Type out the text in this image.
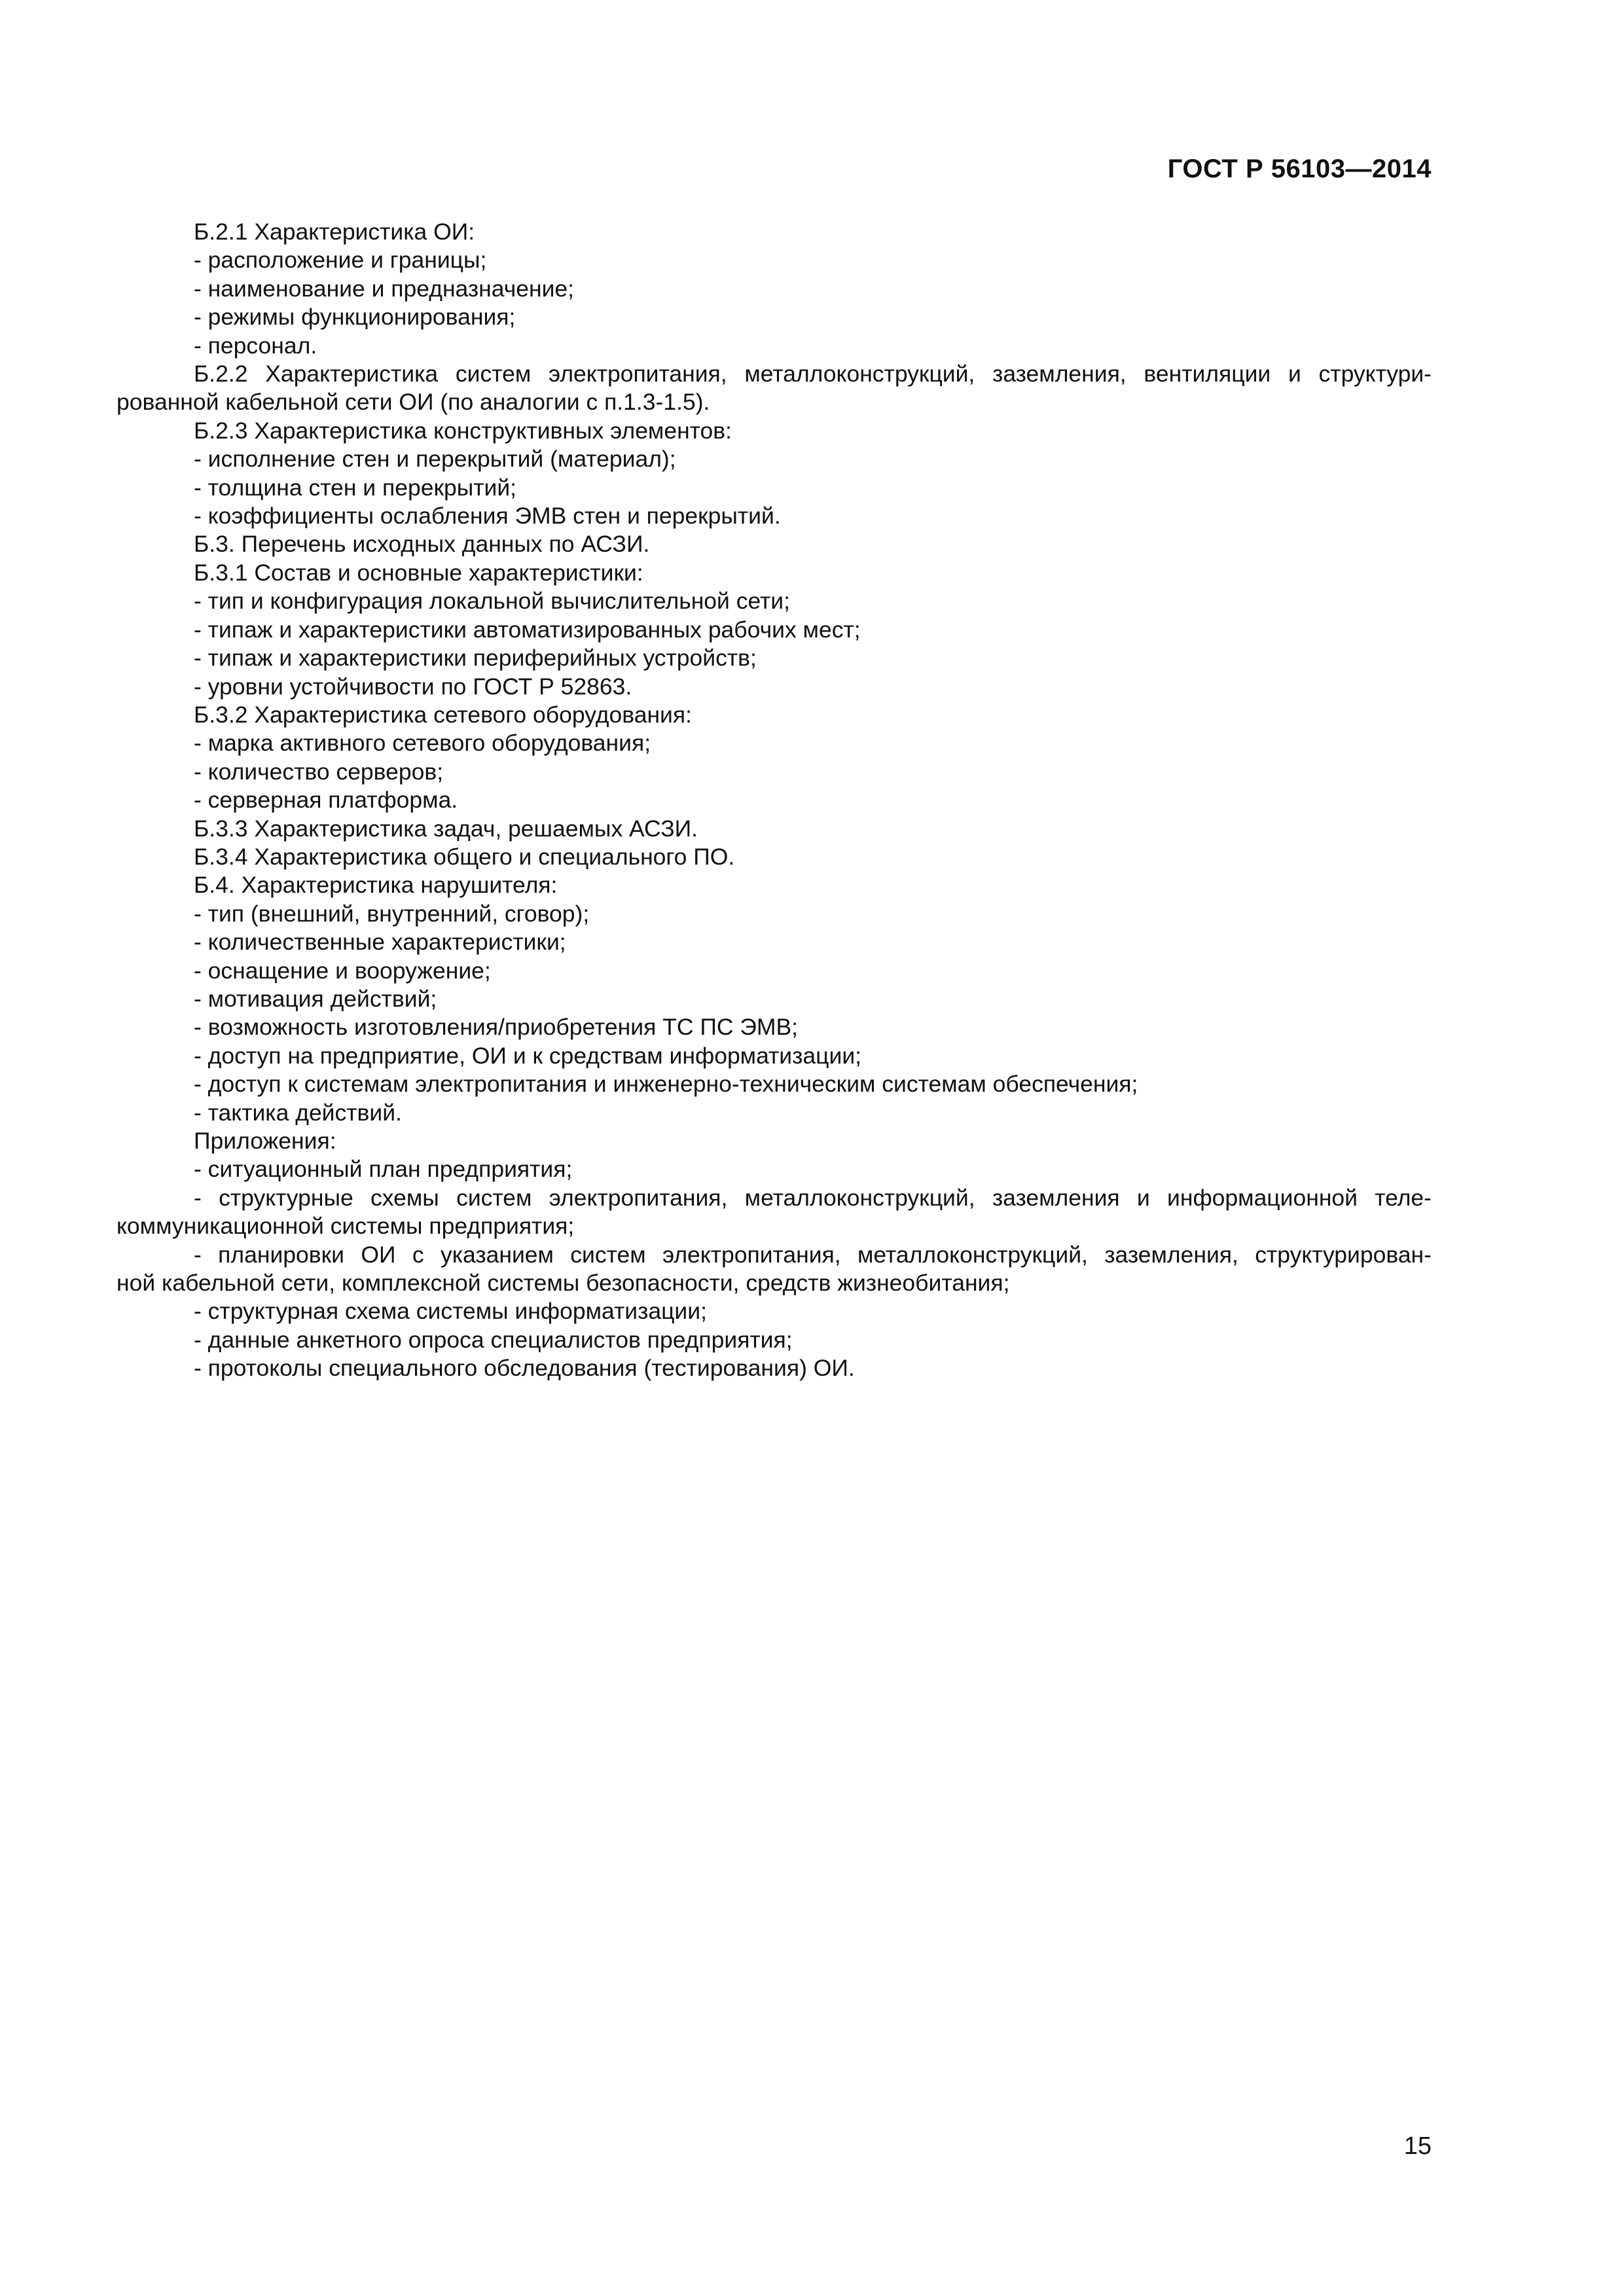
ГОСТ Р 56103—2014
Б.2.1 Характеристика ОИ:
- расположение и границы;
- наименование и предназначение;
- режимы функционирования;
- персонал.
Б.2.2 Характеристика систем электропитания, металлоконструкций, заземления, вентиляции и структури-
рованной кабельной сети ОИ (по аналогии с п.1.3-1.5).
Б.2.3 Характеристика конструктивных элементов:
- исполнение стен и перекрытий (материал);
- толщина стен и перекрытий;
- коэффициенты ослабления ЭМВ стен и перекрытий.
Б.3. Перечень исходных данных по АСЗИ.
Б.3.1 Состав и основные характеристики:
- тип и конфигурация локальной вычислительной сети;
- типаж и характеристики автоматизированных рабочих мест;
- типаж и характеристики периферийных устройств;
- уровни устойчивости по ГОСТ Р 52863.
Б.3.2 Характеристика сетевого оборудования:
- марка активного сетевого оборудования;
- количество серверов;
- серверная платформа.
Б.3.3 Характеристика задач, решаемых АСЗИ.
Б.3.4 Характеристика общего и специального ПО.
Б.4. Характеристика нарушителя:
- тип (внешний, внутренний, сговор);
- количественные характеристики;
- оснащение и вооружение;
- мотивация действий;
- возможность изготовления/приобретения ТС ПС ЭМВ;
- доступ на предприятие, ОИ и к средствам информатизации;
- доступ к системам электропитания и инженерно-техническим системам обеспечения;
- тактика действий.
Приложения:
- ситуационный план предприятия;
- структурные схемы систем электропитания, металлоконструкций, заземления и информационной теле-
коммуникационной системы предприятия;
- планировки ОИ с указанием систем электропитания, металлоконструкций, заземления, структурирован-
ной кабельной сети, комплексной системы безопасности, средств жизнеобитания;
- структурная схема системы информатизации;
- данные анкетного опроса специалистов предприятия;
- протоколы специального обследования (тестирования) ОИ.
15
